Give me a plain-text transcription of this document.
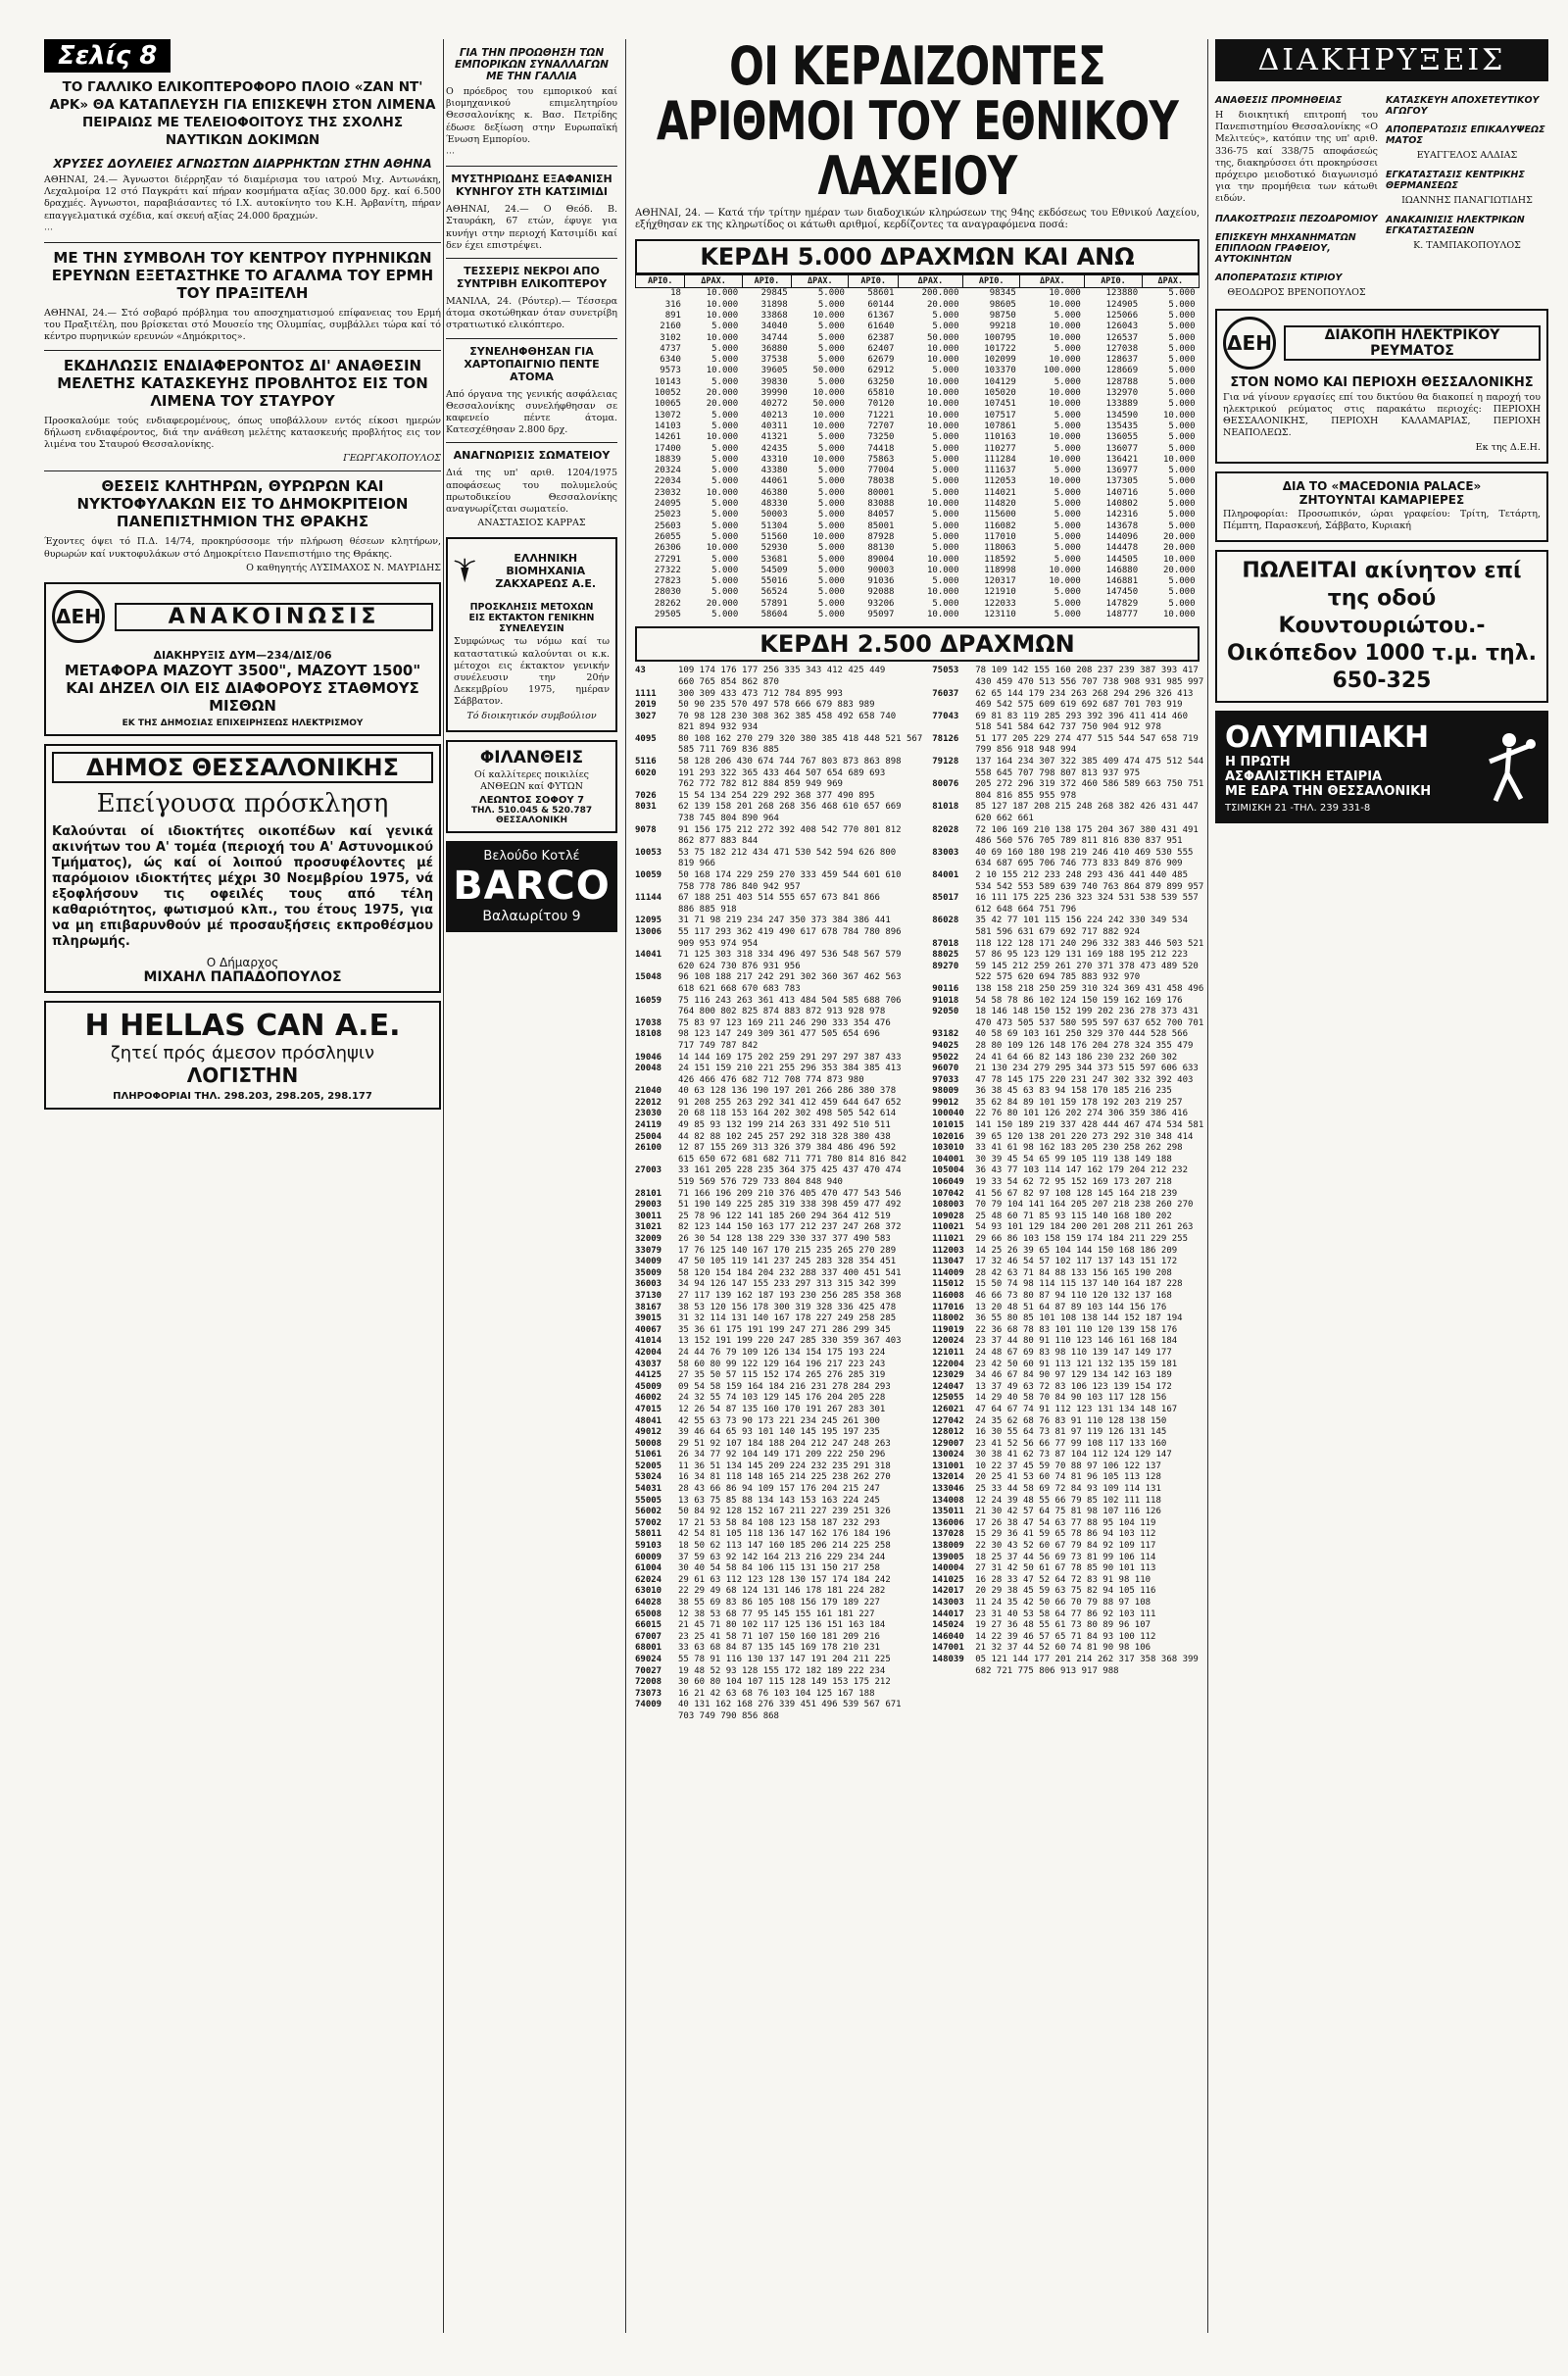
Σελίς 8
ΤΟ ΓΑΛΛΙΚΟ ΕΛΙΚΟΠΤΕΡΟΦΟΡΟ ΠΛΟΙΟ «ΖΑΝ ΝΤ' ΑΡΚ» ΘΑ ΚΑΤΑΠΛΕΥΣΗ ΓΙΑ ΕΠΙΣΚΕΨΗ ΣΤΟΝ ΛΙΜΕΝΑ ΠΕΙΡΑΙΩΣ ΜΕ ΤΕΛΕΙΟΦΟΙΤΟΥΣ ΤΗΣ ΣΧΟΛΗΣ ΝΑΥΤΙΚΩΝ ΔΟΚΙΜΩΝ
ΧΡΥΣΕΣ ΔΟΥΛΕΙΕΣ ΑΓΝΩΣΤΩΝ ΔΙΑΡΡΗΚΤΩΝ ΣΤΗΝ ΑΘΗΝΑ
ΑΘΗΝΑΙ, 24.— Άγνωστοι διέρρηξαν τό διαμέρισμα του ιατρού Μιχ. Αντωνάκη, Λεχαλμοίρα 12 στό Παγκράτι καί πήραν κοσμήματα αξίας 30.000 δρχ. καί 6.500 δραχμές. Άγνωστοι, παραβιάσαντες τό Ι.Χ. αυτοκίνητο του Κ.Η. Άρβανίτη, πήραν επαγγελματικά σχέδια, καί σκευή αξίας 24.000 δραχμών.
···
ΜΕ ΤΗΝ ΣΥΜΒΟΛΗ ΤΟΥ ΚΕΝΤΡΟΥ ΠΥΡΗΝΙΚΩΝ ΕΡΕΥΝΩΝ ΕΞΕΤΑΣΤΗΚΕ ΤΟ ΑΓΑΛΜΑ ΤΟΥ ΕΡΜΗ ΤΟΥ ΠΡΑΞΙΤΕΛΗ
ΑΘΗΝΑΙ, 24.— Στό σοβαρό πρόβλημα του αποσχηματισμού επίφανειας του Ερμή του Πραξιτέλη, που βρίσκεται στό Μουσείο της Ολυμπίας, συμβάλλει τώρα καί τό κέντρο πυρηνικών ερευνών «Δημόκριτος».
ΕΚΔΗΛΩΣΙΣ ΕΝΔΙΑΦΕΡΟΝΤΟΣ ΔΙ' ΑΝΑΘΕΣΙΝ ΜΕΛΕΤΗΣ ΚΑΤΑΣΚΕΥΗΣ ΠΡΟΒΛΗΤΟΣ ΕΙΣ ΤΟΝ ΛΙΜΕΝΑ ΤΟΥ ΣΤΑΥΡΟΥ
Προσκαλούμε τούς ενδιαφερομένους, όπως υποβάλλουν εντός είκοσι ημερών δήλωση ενδιαφέροντος, διά την ανάθεση μελέτης κατασκευής προβλήτος εις τον λιμένα του Σταυρού Θεσσαλονίκης.
ΓΕΩΡΓΑΚΟΠΟΥΛΟΣ
ΘΕΣΕΙΣ ΚΛΗΤΗΡΩΝ, ΘΥΡΩΡΩΝ ΚΑΙ ΝΥΚΤΟΦΥΛΑΚΩΝ ΕΙΣ ΤΟ ΔΗΜΟΚΡΙΤΕΙΟΝ ΠΑΝΕΠΙΣΤΗΜΙΟΝ ΤΗΣ ΘΡΑΚΗΣ
Έχοντες όψει τό Π.Δ. 14/74, προκηρύσσομε τήν πλήρωση θέσεων κλητήρων, θυρωρών καί νυκτοφυλάκων στό Δημοκρίτειο Πανεπιστήμιο της Θράκης.
Ο καθηγητής ΛΥΣΙΜΑΧΟΣ Ν. ΜΑΥΡΙΔΗΣ
ΔΕΗ	ΑΝΑΚΟΙΝΩΣΙΣ
ΔΙΑΚΗΡΥΞΙΣ ΔΥΜ—234/ΔΙΣ/06
ΜΕΤΑΦΟΡΑ ΜΑΖΟΥΤ 3500", ΜΑΖΟΥΤ 1500" ΚΑΙ ΔΗΖΕΛ ΟΙΛ ΕΙΣ ΔΙΑΦΟΡΟΥΣ ΣΤΑΘΜΟΥΣ ΜΙΣΘΩΝ
ΕΚ ΤΗΣ ΔΗΜΟΣΙΑΣ ΕΠΙΧΕΙΡΗΣΕΩΣ ΗΛΕΚΤΡΙΣΜΟΥ
ΔΗΜΟΣ ΘΕΣΣΑΛΟΝΙΚΗΣ
Επείγουσα πρόσκληση
Καλούνται οί ιδιοκτήτες οικοπέδων καί γενικά ακινήτων του Α' τομέα (περιοχή του Α' Αστυνομικού Τμήματος), ώς καί οί λοιπού προσυφέλοντες μέ παρόμοιον ιδιοκτήτες μέχρι 30 Νοεμβρίου 1975, νά εξοφλήσουν τις οφειλές τους από τέλη καθαριότητος, φωτισμού κλπ., του έτους 1975, για να μη επιβαρυνθούν μέ προσαυξήσεις εκπροθέσμου πληρωμής.
Ο Δήμαρχος
ΜΙΧΑΗΛ ΠΑΠΑΔΟΠΟΥΛΟΣ
Η HELLAS CAN Α.Ε.
ζητεί πρός άμεσον πρόσληψιν
ΛΟΓΙΣΤΗΝ
ΠΛΗΡΟΦΟΡΙΑΙ ΤΗΛ. 298.203, 298.205, 298.177
ΓΙΑ ΤΗΝ ΠΡΟΩΘΗΣΗ ΤΩΝ ΕΜΠΟΡΙΚΩΝ ΣΥΝΑΛΛΑΓΩΝ ΜΕ ΤΗΝ ΓΑΛΛΙΑ
Ο πρόεδρος του εμπορικού καί βιομηχανικού επιμελητηρίου Θεσσαλονίκης κ. Βασ. Πετρίδης έδωσε δεξίωση στην Ευρωπαϊκή Ένωση Εμπορίου.
···
ΜΥΣΤΗΡΙΩΔΗΣ ΕΞΑΦΑΝΙΣΗ ΚΥΝΗΓΟΥ ΣΤΗ ΚΑΤΣΙΜΙΔΙ
ΑΘΗΝΑΙ, 24.— Ο Θεόδ. Β. Σταυράκη, 67 ετών, έφυγε για κυνήγι στην περιοχή Κατσιμίδι καί δεν έχει επιστρέψει.
ΤΕΣΣΕΡΙΣ ΝΕΚΡΟΙ ΑΠΟ ΣΥΝΤΡΙΒΗ ΕΛΙΚΟΠΤΕΡΟΥ
ΜΑΝΙΛΑ, 24. (Ρόυτερ).— Τέσσερα άτομα σκοτώθηκαν όταν συνετρίβη στρατιωτικό ελικόπτερο.
ΣΥΝΕΛΗΦΘΗΣΑΝ ΓΙΑ ΧΑΡΤΟΠΑΙΓΝΙΟ ΠΕΝΤΕ ΑΤΟΜΑ
Από όργανα της γενικής ασφάλειας Θεσσαλονίκης συνελήφθησαν σε καφενείο πέντε άτομα. Κατεσχέθησαν 2.800 δρχ.
ΑΝΑΓΝΩΡΙΣΙΣ ΣΩΜΑΤΕΙΟΥ
Διά της υπ' αριθ. 1204/1975 αποφάσεως του πολυμελούς πρωτοδικείου Θεσσαλονίκης αναγνωρίζεται σωματείο.
ΑΝΑΣΤΑΣΙΟΣ ΚΑΡΡΑΣ
ΕΛΛΗΝΙΚΗ ΒΙΟΜΗΧΑΝΙΑ ΖΑΚΧΑΡΕΩΣ Α.Ε.
ΠΡΟΣΚΛΗΣΙΣ ΜΕΤΟΧΩΝ
ΕΙΣ ΕΚΤΑΚΤΟΝ ΓΕΝΙΚΗΝ ΣΥΝΕΛΕΥΣΙΝ
Συμφώνως τω νόμω καί τω καταστατικώ καλούνται οι κ.κ. μέτοχοι εις έκτακτον γενικήν συνέλευσιν την 20ήν Δεκεμβρίου 1975, ημέραν Σάββατον.
Τό διοικητικόν συμβούλιον
ΦΙΛΑΝΘΕΙΣ
Οί καλλίτερες ποικιλίες ΑΝΘΕΩΝ καί ΦΥΤΩΝ
ΛΕΩΝΤΟΣ ΣΟΦΟΥ 7
ΤΗΛ. 510.045 & 520.787 ΘΕΣΣΑΛΟΝΙΚΗ
Βελούδο Κοτλέ
BARCO
Βαλαωρίτου 9
ΟΙ ΚΕΡΔΙΖΟΝΤΕΣ ΑΡΙΘΜΟΙ ΤΟΥ ΕΘΝΙΚΟΥ ΛΑΧΕΙΟΥ
ΑΘΗΝΑΙ, 24. — Κατά τήν τρίτην ημέραν των διαδοχικών κληρώσεων της 94ης εκδόσεως του Εθνικού Λαχείου, εξήχθησαν εκ της κληρωτίδος οι κάτωθι αριθμοί, κερδίζοντες τα αναγραφόμενα ποσά:
ΚΕΡΔΗ 5.000 ΔΡΑΧΜΩΝ ΚΑΙ ΑΝΩ
ΑΡΙΘ.	ΔΡΑΧ.	ΑΡΙΘ.	ΔΡΑΧ.	ΑΡΙΘ.	ΔΡΑΧ.	ΑΡΙΘ.	ΔΡΑΧ.	ΑΡΙΘ.	ΔΡΑΧ.
18	10.000	29845	5.000	58601	200.000	98345	10.000	123880	5.000
316	10.000	31898	5.000	60144	20.000	98605	10.000	124905	5.000
891	10.000	33868	10.000	61367	5.000	98750	5.000	125066	5.000
2160	5.000	34040	5.000	61640	5.000	99218	10.000	126043	5.000
3102	10.000	34744	5.000	62387	50.000	100795	10.000	126537	5.000
4737	5.000	36880	5.000	62407	10.000	101722	5.000	127038	5.000
6340	5.000	37538	5.000	62679	10.000	102099	10.000	128637	5.000
9573	10.000	39605	50.000	62912	5.000	103370	100.000	128669	5.000
10143	5.000	39830	5.000	63250	10.000	104129	5.000	128788	5.000
10052	20.000	39990	10.000	65810	10.000	105020	10.000	132970	5.000
10065	20.000	40272	50.000	70120	10.000	107451	10.000	133889	5.000
13072	5.000	40213	10.000	71221	10.000	107517	5.000	134590	10.000
14103	5.000	40311	10.000	72707	10.000	107861	5.000	135435	5.000
14261	10.000	41321	5.000	73250	5.000	110163	10.000	136055	5.000
17400	5.000	42435	5.000	74418	5.000	110277	5.000	136077	5.000
18839	5.000	43310	10.000	75863	5.000	111284	10.000	136421	10.000
20324	5.000	43380	5.000	77004	5.000	111637	5.000	136977	5.000
22034	5.000	44061	5.000	78038	5.000	112053	10.000	137305	5.000
23032	10.000	46380	5.000	80001	5.000	114021	5.000	140716	5.000
24095	5.000	48330	5.000	83088	10.000	114820	5.000	140802	5.000
25023	5.000	50003	5.000	84057	5.000	115600	5.000	142316	5.000
25603	5.000	51304	5.000	85001	5.000	116082	5.000	143678	5.000
26055	5.000	51560	10.000	87928	5.000	117010	5.000	144096	20.000
26306	10.000	52930	5.000	88130	5.000	118063	5.000	144478	20.000
27291	5.000	53681	5.000	89004	10.000	118592	5.000	144505	10.000
27322	5.000	54509	5.000	90003	10.000	118998	10.000	146880	20.000
27823	5.000	55016	5.000	91036	5.000	120317	10.000	146881	5.000
28030	5.000	56524	5.000	92088	10.000	121910	5.000	147450	5.000
28262	20.000	57891	5.000	93206	5.000	122033	5.000	147829	5.000
29505	5.000	58604	5.000	95097	10.000	123110	5.000	148777	10.000
ΚΕΡΔΗ 2.500 ΔΡΑΧΜΩΝ
43	109 174 176 177 256 335 343 412 425 449
660 765 854 862 870
1111	300 309 433 473 712 784 895 993
2019	50 90 235 570 497 578 666 679 883 989
3027	70 98 128 230 308 362 385 458 492 658 740
821 894 932 934
4095	80 108 162 270 279 320 380 385 418 448 521 567
585 711 769 836 885
5116	58 128 206 430 674 744 767 803 873 863 898
6020	191 293 322 365 433 464 507 654 689 693
762 772 782 812 884 859 949 969
7026	15 54 134 254 229 292 368 377 490 895
8031	62 139 158 201 268 268 356 468 610 657 669
738 745 804 890 964
9078	91 156 175 212 272 392 408 542 770 801 812
862 877 883 844
10053	53 75 182 212 434 471 530 542 594 626 800
819 966
10059	50 168 174 229 259 270 333 459 544 601 610
758 778 786 840 942 957
11144	67 188 251 403 514 555 657 673 841 866
886 885 918
12095	31 71 98 219 234 247 350 373 384 386 441
13006	55 117 293 362 419 490 617 678 784 780 896
909 953 974 954
14041	71 125 303 318 334 496 497 536 548 567 579
620 624 730 876 931 956
15048	96 108 188 217 242 291 302 360 367 462 563
618 621 668 670 683 783
16059	75 116 243 263 361 413 484 504 585 688 706
764 800 802 825 874 883 872 913 928 978
17038	75 83 97 123 169 211 246 290 333 354 476
18108	98 123 147 249 309 361 477 505 654 696
717 749 787 842
19046	14 144 169 175 202 259 291 297 297 387 433
20048	24 151 159 210 221 255 296 353 384 385 413
426 466 476 682 712 708 774 873 980
21040	40 63 128 136 190 197 201 266 286 380 378
22012	91 208 255 263 292 341 412 459 644 647 652
23030	20 68 118 153 164 202 302 498 505 542 614
24119	49 85 93 132 199 214 263 331 492 510 511
25004	44 82 88 102 245 257 292 318 328 380 438
26100	12 87 155 269 313 326 379 384 486 496 592
615 650 672 681 682 711 771 780 814 816 842
27003	33 161 205 228 235 364 375 425 437 470 474
519 569 576 729 733 804 848 940
28101	71 166 196 209 210 376 405 470 477 543 546
29003	51 190 149 225 285 319 338 398 459 477 492
30011	25 78 96 122 141 185 260 294 364 412 519
31021	82 123 144 150 163 177 212 237 247 268 372
32009	26 30 54 128 138 229 330 337 377 490 583
33079	17 76 125 140 167 170 215 235 265 270 289
34009	47 50 105 119 141 237 245 283 328 354 451
35009	58 120 154 184 204 232 288 337 400 451 541
36003	34 94 126 147 155 233 297 313 315 342 399
37130	27 117 139 162 187 193 230 256 285 358 368
38167	38 53 120 156 178 300 319 328 336 425 478
39015	31 32 114 131 140 167 178 227 249 258 285
40067	35 36 61 175 191 199 247 271 286 299 345
41014	13 152 191 199 220 247 285 330 359 367 403
42004	24 44 76 79 109 126 134 154 175 193 224
43037	58 60 80 99 122 129 164 196 217 223 243
44125	27 35 50 57 115 152 174 265 276 285 319
45009	09 54 58 159 164 184 216 231 278 284 293
46002	24 32 55 74 103 129 145 176 204 205 228
47015	12 26 54 87 135 160 170 191 267 283 301
48041	42 55 63 73 90 173 221 234 245 261 300
49012	39 46 64 65 93 101 140 145 195 197 235
50008	29 51 92 107 184 188 204 212 247 248 263
51061	26 34 77 92 104 149 171 209 222 250 296
52005	11 36 51 134 145 209 224 232 235 291 318
53024	16 34 81 118 148 165 214 225 238 262 270
54031	28 43 66 86 94 109 157 176 204 215 247
55005	13 63 75 85 88 134 143 153 163 224 245
56002	50 84 92 128 152 167 211 227 239 251 326
57002	17 21 53 58 84 108 123 158 187 232 293
58011	42 54 81 105 118 136 147 162 176 184 196
59103	18 50 62 113 147 160 185 206 214 225 258
60009	37 59 63 92 142 164 213 216 229 234 244
61004	30 40 54 58 84 106 115 131 150 217 258
62024	29 61 63 112 123 128 130 157 174 184 242
63010	22 29 49 68 124 131 146 178 181 224 282
64028	38 55 69 83 86 105 108 156 179 189 227
65008	12 38 53 68 77 95 145 155 161 181 227
66015	21 45 71 80 102 117 125 136 151 163 184
67007	23 25 41 58 71 107 150 160 181 209 216
68001	33 63 68 84 87 135 145 169 178 210 231
69024	55 78 91 116 130 137 147 191 204 211 225
70027	19 48 52 93 128 155 172 182 189 222 234
72008	30 60 80 104 107 115 128 149 153 175 212
73073	16 21 42 63 68 76 103 104 125 167 188
74009	40 131 162 168 276 339 451 496 539 567 671
703 749 790 856 868
75053	78 109 142 155 160 208 237 239 387 393 417
430 459 470 513 556 707 738 908 931 985 997
76037	62 65 144 179 234 263 268 294 296 326 413
469 542 575 609 619 692 687 701 703 919
77043	69 81 83 119 285 293 392 396 411 414 460
518 541 584 642 737 750 904 912 978
78126	51 177 205 229 274 477 515 544 547 658 719
799 856 918 948 994
79128	137 164 234 307 322 385 409 474 475 512 544
558 645 707 798 807 813 937 975
80076	205 272 296 319 372 460 586 589 663 750 751
804 816 855 955 978
81018	85 127 187 208 215 248 268 382 426 431 447
620 662 661
82028	72 106 169 210 138 175 204 367 380 431 491
486 560 576 705 789 811 816 830 837 951
83003	40 69 160 180 198 219 246 410 469 530 555
634 687 695 706 746 773 833 849 876 909
84001	2 10 155 212 233 248 293 436 441 440 485
534 542 553 589 639 740 763 864 879 899 957
85017	16 111 175 225 236 323 324 531 538 539 557
612 648 664 751 796
86028	35 42 77 101 115 156 224 242 330 349 534
581 596 631 679 692 717 882 924
87018	118 122 128 171 240 296 332 383 446 503 521
88025	57 86 95 123 129 131 169 188 195 212 223
89270	59 145 212 259 261 270 371 378 473 489 520
522 575 620 694 785 883 932 970
90116	138 158 218 250 259 310 324 369 431 458 496
91018	54 58 78 86 102 124 150 159 162 169 176
92050	18 146 148 150 152 199 202 236 278 373 431
470 473 505 537 580 595 597 637 652 700 701
93182	40 58 69 103 161 250 329 370 444 528 566
94025	28 80 109 126 148 176 204 278 324 355 479
95022	24 41 64 66 82 143 186 230 232 260 302
96070	21 130 234 279 295 344 373 515 597 606 633
97033	47 78 145 175 220 231 247 302 332 392 403
98009	36 38 45 63 83 94 158 170 185 216 235
99012	35 62 84 89 101 159 178 192 203 219 257
100040	22 76 80 101 126 202 274 306 359 386 416
101015	141 150 189 219 337 428 444 467 474 534 581
102016	39 65 120 138 201 220 273 292 310 348 414
103010	33 41 61 98 162 183 205 230 258 262 298
104001	30 39 45 54 65 99 105 119 138 149 188
105004	36 43 77 103 114 147 162 179 204 212 232
106049	19 33 54 62 72 95 152 169 173 207 218
107042	41 56 67 82 97 108 128 145 164 218 239
108003	70 79 104 141 164 205 207 218 238 260 270
109028	25 48 60 71 85 93 115 140 168 180 202
110021	54 93 101 129 184 200 201 208 211 261 263
111021	29 66 86 103 158 159 174 184 211 229 255
112003	14 25 26 39 65 104 144 150 168 186 209
113047	17 32 46 54 57 102 117 137 143 151 172
114009	28 42 63 71 84 88 133 156 165 190 208
115012	15 50 74 98 114 115 137 140 164 187 228
116008	46 66 73 80 87 94 110 120 132 137 168
117016	13 20 48 51 64 87 89 103 144 156 176
118002	36 55 80 85 101 108 138 144 152 187 194
119019	22 36 68 78 83 101 110 120 139 158 176
120024	23 37 44 80 91 110 123 146 161 168 184
121011	24 48 67 69 83 98 110 139 147 149 177
122004	23 42 50 60 91 113 121 132 135 159 181
123029	34 46 67 84 90 97 129 134 142 163 189
124047	13 37 49 63 72 83 106 123 139 154 172
125055	14 29 40 58 70 84 90 103 117 128 156
126021	47 64 67 74 91 112 123 131 134 148 167
127042	24 35 62 68 76 83 91 110 128 138 150
128012	16 30 55 64 73 81 97 119 126 131 145
129007	23 41 52 56 66 77 99 108 117 133 160
130024	30 38 41 62 73 87 104 112 124 129 147
131001	10 22 37 45 59 70 88 97 106 122 137
132014	20 25 41 53 60 74 81 96 105 113 128
133046	25 33 44 58 69 72 84 93 109 114 131
134008	12 24 39 48 55 66 79 85 102 111 118
135011	21 30 42 57 64 75 81 98 107 116 126
136006	17 26 38 47 54 63 77 88 95 104 119
137028	15 29 36 41 59 65 78 86 94 103 112
138009	22 30 43 52 60 67 79 84 92 109 117
139005	18 25 37 44 56 69 73 81 99 106 114
140004	27 31 42 50 61 67 78 85 90 101 113
141025	16 28 33 47 52 64 72 83 91 98 110
142017	20 29 38 45 59 63 75 82 94 105 116
143003	11 24 35 42 50 66 70 79 88 97 108
144017	23 31 40 53 58 64 77 86 92 103 111
145024	19 27 36 48 55 61 73 80 89 96 107
146040	14 22 39 46 57 65 71 84 93 100 112
147001	21 32 37 44 52 60 74 81 90 98 106
148039	05 121 144 177 201 214 262 317 358 368 399
682 721 775 806 913 917 988
ΔΙΑΚΗΡΥΞΕΙΣ
ΑΝΑΘΕΣΙΣ ΠΡΟΜΗΘΕΙΑΣ
Η διοικητική επιτροπή του Πανεπιστημίου Θεσσαλονίκης «Ο Μελιτεύς», κατόπιν της υπ' αριθ. 336-75 καί 338/75 αποφάσεώς της, διακηρύσσει ότι προκηρύσσει πρόχειρο μειοδοτικό διαγωνισμό για την προμήθεια των κάτωθι ειδών.
ΠΛΑΚΟΣΤΡΩΣΙΣ ΠΕΖΟΔΡΟΜΙΟΥ
ΕΠΙΣΚΕΥΗ ΜΗΧΑΝΗΜΑΤΩΝ ΕΠΙΠΛΟΩΝ ΓΡΑΦΕΙΟΥ, ΑΥΤΟΚΙΝΗΤΩΝ
ΑΠΟΠΕΡΑΤΩΣΙΣ ΚΤΙΡΙΟΥ
ΘΕΟΔΩΡΟΣ ΒΡΕΝΟΠΟΥΛΟΣ
ΚΑΤΑΣΚΕΥΗ ΑΠΟΧΕΤΕΥΤΙΚΟΥ ΑΓΩΓΟΥ
ΑΠΟΠΕΡΑΤΩΣΙΣ ΕΠΙΚΑΛΥΨΕΩΣ ΜΑΤΟΣ
ΕΥΑΓΓΕΛΟΣ ΑΛΔΙΑΣ
ΕΓΚΑΤΑΣΤΑΣΙΣ ΚΕΝΤΡΙΚΗΣ ΘΕΡΜΑΝΣΕΩΣ
ΙΩΑΝΝΗΣ ΠΑΝΑΓΙΩΤΙΔΗΣ
ΑΝΑΚΑΙΝΙΣΙΣ ΗΛΕΚΤΡΙΚΩΝ ΕΓΚΑΤΑΣΤΑΣΕΩΝ
Κ. ΤΑΜΠΑΚΟΠΟΥΛΟΣ
ΔΕΗ	ΔΙΑΚΟΠΗ ΗΛΕΚΤΡΙΚΟΥ ΡΕΥΜΑΤΟΣ
ΣΤΟΝ ΝΟΜΟ ΚΑΙ ΠΕΡΙΟΧΗ ΘΕΣΣΑΛΟΝΙΚΗΣ
Για νά γίνουν εργασίες επί του δικτύου θα διακοπεί η παροχή του ηλεκτρικού ρεύματος στις παρακάτω περιοχές: ΠΕΡΙΟΧΗ ΘΕΣΣΑΛΟΝΙΚΗΣ, ΠΕΡΙΟΧΗ ΚΑΛΑΜΑΡΙΑΣ, ΠΕΡΙΟΧΗ ΝΕΑΠΟΛΕΩΣ.
Εκ της Δ.Ε.Η.
ΔΙΑ ΤΟ «MACEDONIA PALACE»
ΖΗΤΟΥΝΤΑΙ ΚΑΜΑΡΙΕΡΕΣ
Πληροφορίαι: Προσωπικόν, ώραι γραφείου: Τρίτη, Τετάρτη, Πέμπτη, Παρασκευή, Σάββατο, Κυριακή
ΠΩΛΕΙΤΑΙ ακίνητον επί της οδού Κουντουριώτου.- Οικόπεδον 1000 τ.μ. τηλ. 650-325
ΟΛΥΜΠΙΑΚΗ
Η ΠΡΩΤΗ
ΑΣΦΑΛΙΣΤΙΚΗ ΕΤΑΙΡΙΑ
ΜΕ ΕΔΡΑ ΤΗΝ ΘΕΣΣΑΛΟΝΙΚΗ
ΤΣΙΜΙΣΚΗ 21 -ΤΗΛ. 239 331-8
